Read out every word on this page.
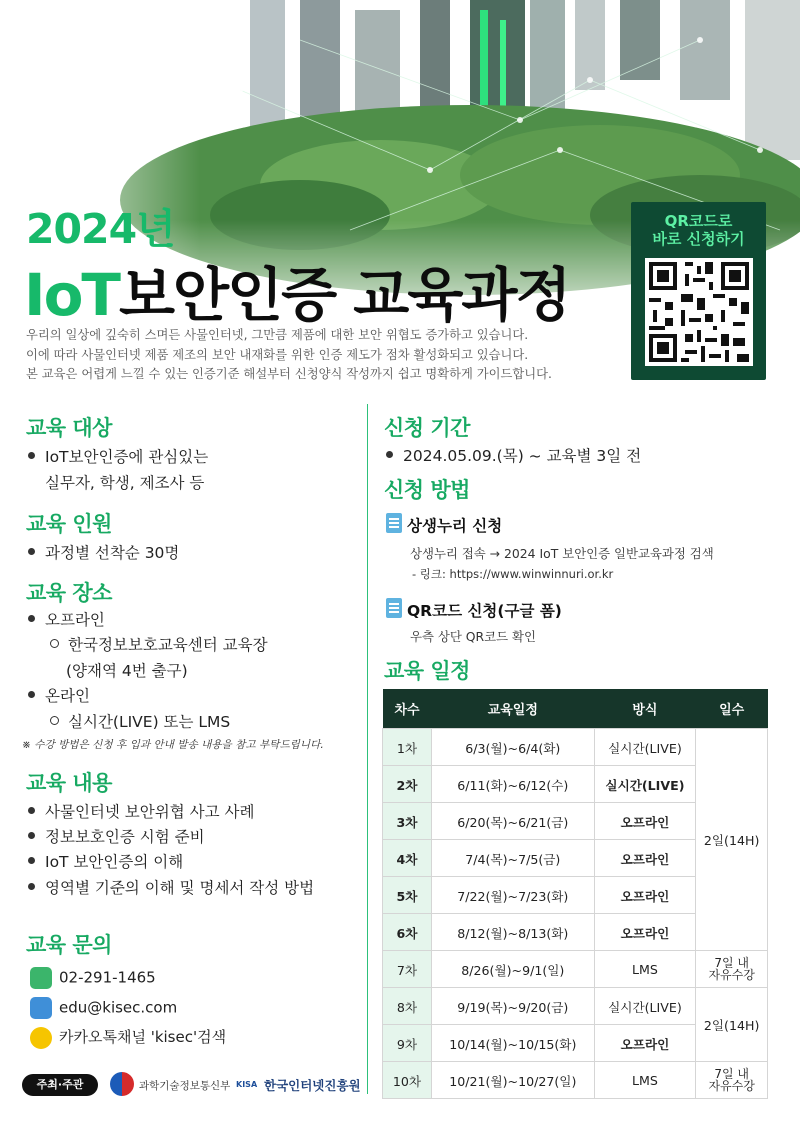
2024년
IoT보안인증 교육과정
우리의 일상에 깊숙히 스며든 사물인터넷, 그만큼 제품에 대한 보안 위협도 증가하고 있습니다.
이에 따라 사물인터넷 제품 제조의 보안 내재화를 위한 인증 제도가 점차 활성화되고 있습니다.
본 교육은 어렵게 느낄 수 있는 인증기준 해설부터 신청양식 작성까지 쉽고 명확하게 가이드합니다.
QR코드로
바로 신청하기
교육 대상
IoT보안인증에 관심있는
실무자, 학생, 제조사 등
교육 인원
과정별 선착순 30명
교육 장소
오프라인
한국정보보호교육센터 교육장
(양재역 4번 출구)
온라인
실시간(LIVE) 또는 LMS
※ 수강 방법은 신청 후 입과 안내 발송 내용을 참고 부탁드립니다.
교육 내용
사물인터넷 보안위협 사고 사례
정보보호인증 시험 준비
IoT 보안인증의 이해
영역별 기준의 이해 및 명세서 작성 방법
교육 문의
02-291-1465
edu@kisec.com
카카오톡채널 'kisec'검색
주최·주관	과학기술정보통신부 KISA 한국인터넷진흥원
신청 기간
2024.05.09.(목) ~ 교육별 3일 전
신청 방법
상생누리 신청
상생누리 접속 → 2024 IoT 보안인증 일반교육과정 검색
- 링크: https://www.winwinnuri.or.kr
QR코드 신청(구글 폼)
우측 상단 QR코드 확인
교육 일정
차수	교육일정	방식	일수
1차	6/3(월)~6/4(화)	실시간(LIVE)	2일(14H)
2차	6/11(화)~6/12(수)	실시간(LIVE)	
3차	6/20(목)~6/21(금)	오프라인	
4차	7/4(목)~7/5(금)	오프라인	
5차	7/22(월)~7/23(화)	오프라인	
6차	8/12(월)~8/13(화)	오프라인	
7차	8/26(월)~9/1(일)	LMS	7일 내
자유수강

8차	9/19(목)~9/20(금)	실시간(LIVE)	2일(14H)
9차	10/14(월)~10/15(화)	오프라인	
10차	10/21(월)~10/27(일)	LMS	7일 내
자유수강
